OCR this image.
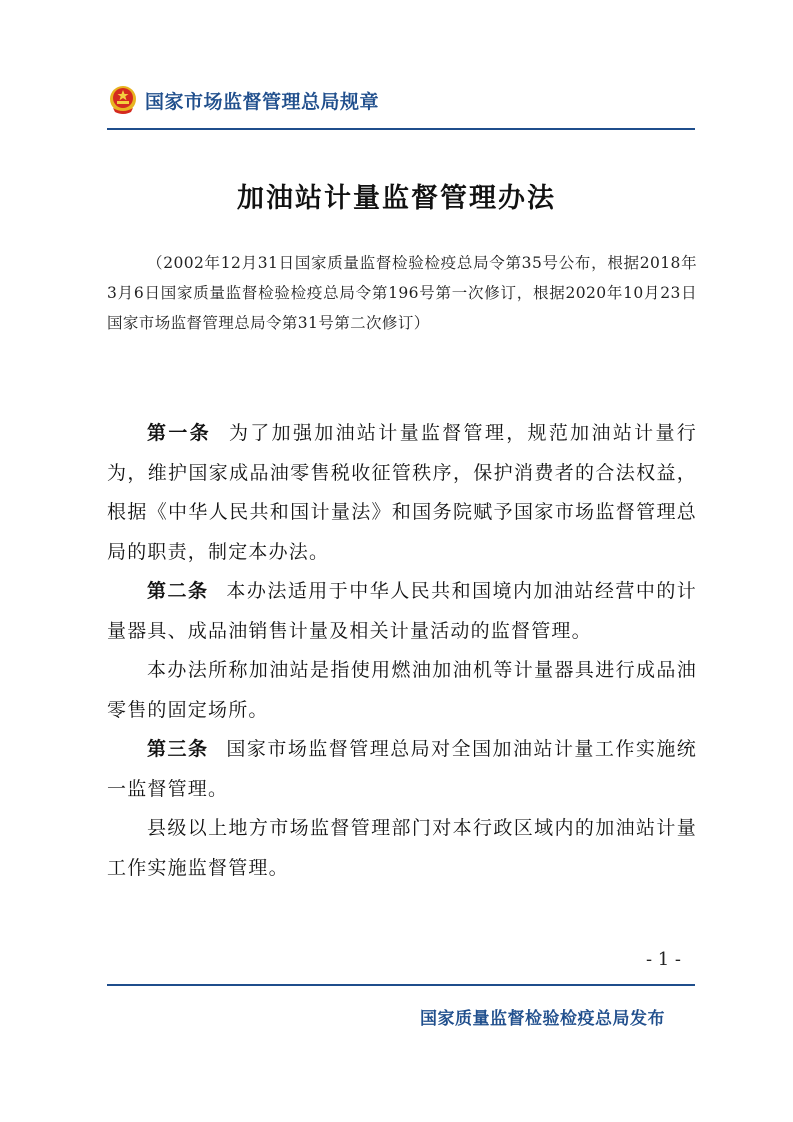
国家市场监督管理总局规章
加油站计量监督管理办法

（2002年12月31日国家质量监督检验检疫总局令第35号公布，根据2018年3月6日国家质量监督检验检疫总局令第196号第一次修订，根据2020年10月23日国家市场监督管理总局令第31号第二次修订）

第一条 为了加强加油站计量监督管理，规范加油站计量行为，维护国家成品油零售税收征管秩序，保护消费者的合法权益，根据《中华人民共和国计量法》和国务院赋予国家市场监督管理总局的职责，制定本办法。

第二条 本办法适用于中华人民共和国境内加油站经营中的计量器具、成品油销售计量及相关计量活动的监督管理。

本办法所称加油站是指使用燃油加油机等计量器具进行成品油零售的固定场所。

第三条 国家市场监督管理总局对全国加油站计量工作实施统一监督管理。

县级以上地方市场监督管理部门对本行政区域内的加油站计量工作实施监督管理。

- 1 -
国家质量监督检验检疫总局发布
